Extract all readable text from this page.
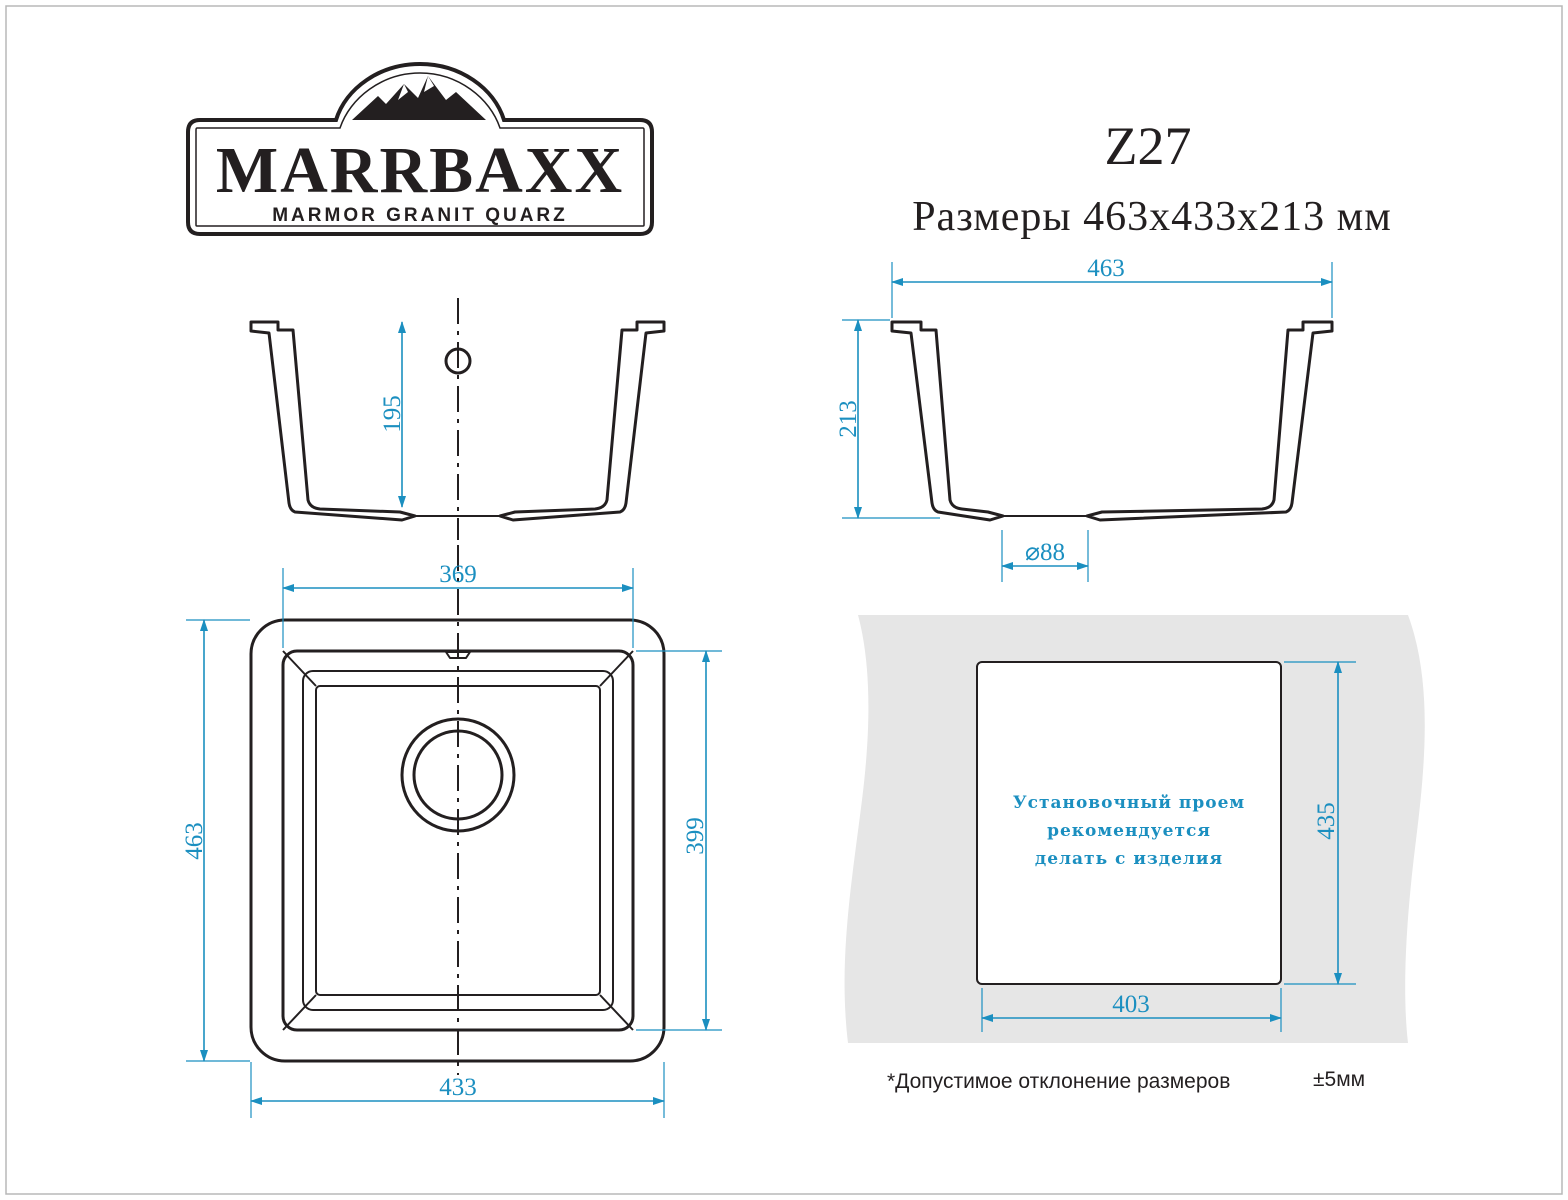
MARRBAXX
MARMOR GRANIT QUARZ
Z27
Размеры 463x433x213 мм
195
463
213
⌀88
369
463	399
433
Установочный проем
рекомендуется
делать с изделия
435
403
*Допустимое отклонение размеров	±5мм
